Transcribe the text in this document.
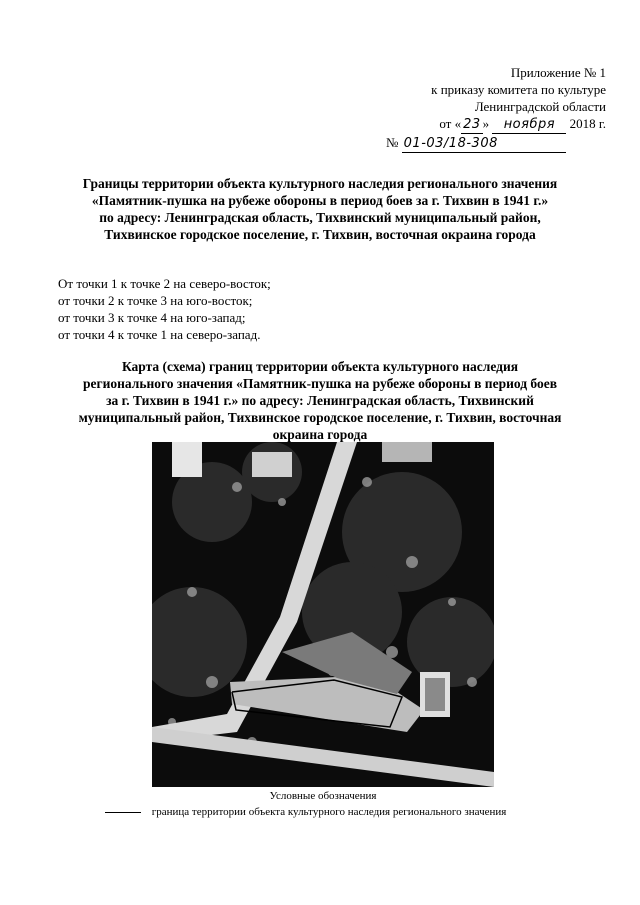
Приложение № 1
к приказу комитета по культуре
Ленинградской области
от « 23 » ноября 2018 г.
№ 01-03/18-308
Границы территории объекта культурного наследия регионального значения
«Памятник-пушка на рубеже обороны в период боев за г. Тихвин в 1941 г.»
по адресу: Ленинградская область, Тихвинский муниципальный район,
Тихвинское городское поселение, г. Тихвин, восточная окраина города
От точки 1 к точке 2 на северо-восток;
от точки 2 к точке 3 на юго-восток;
от точки 3 к точке 4 на юго-запад;
от точки 4 к точке 1 на северо-запад.
Карта (схема) границ территории объекта культурного наследия
регионального значения «Памятник-пушка на рубеже обороны в период боев
за г. Тихвин в 1941 г.» по адресу: Ленинградская область, Тихвинский
муниципальный район, Тихвинское городское поселение, г. Тихвин, восточная
окраина города
•
Условные обозначения
граница территории объекта культурного наследия регионального значения
